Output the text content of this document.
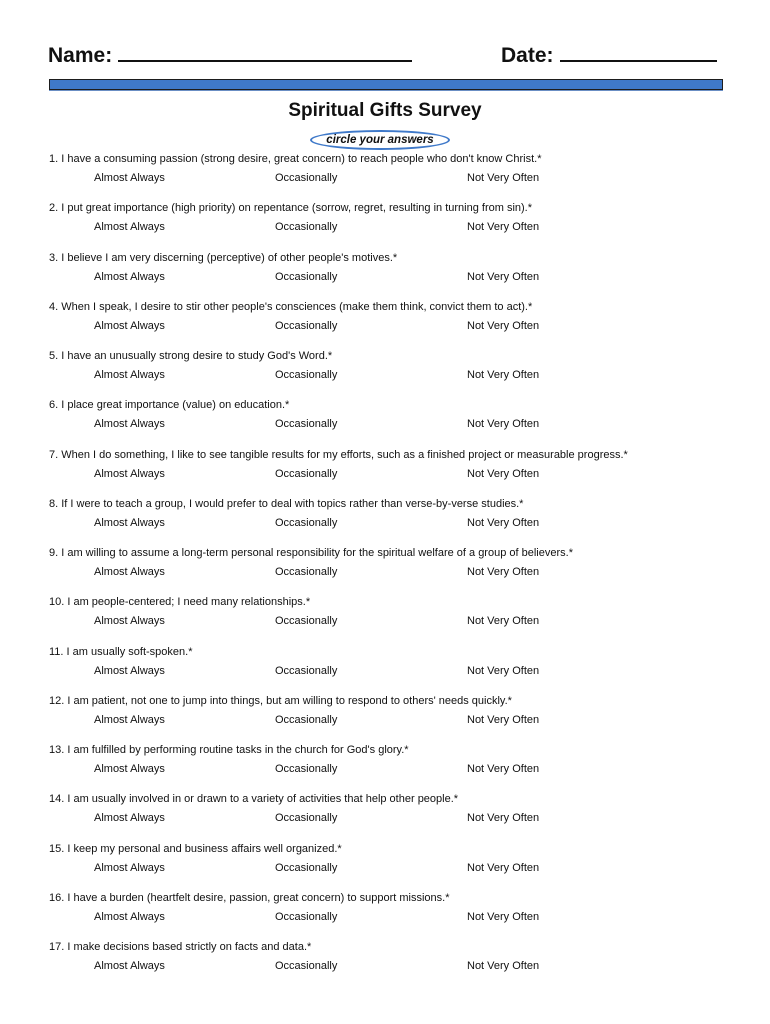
Name:	Date:
Spiritual Gifts Survey
circle your answers
1. I have a consuming passion (strong desire, great concern) to reach people who don't know Christ.*
Almost Always	Occasionally	Not Very Often
2. I put great importance (high priority) on repentance (sorrow, regret, resulting in turning from sin).*
Almost Always	Occasionally	Not Very Often
3. I believe I am very discerning (perceptive) of other people's motives.*
Almost Always	Occasionally	Not Very Often
4. When I speak, I desire to stir other people's consciences (make them think, convict them to act).*
Almost Always	Occasionally	Not Very Often
5. I have an unusually strong desire to study God's Word.*
Almost Always	Occasionally	Not Very Often
6. I place great importance (value) on education.*
Almost Always	Occasionally	Not Very Often
7. When I do something, I like to see tangible results for my efforts, such as a finished project or measurable progress.*
Almost Always	Occasionally	Not Very Often
8. If I were to teach a group, I would prefer to deal with topics rather than verse-by-verse studies.*
Almost Always	Occasionally	Not Very Often
9. I am willing to assume a long-term personal responsibility for the spiritual welfare of a group of believers.*
Almost Always	Occasionally	Not Very Often
10. I am people-centered; I need many relationships.*
Almost Always	Occasionally	Not Very Often
11. I am usually soft-spoken.*
Almost Always	Occasionally	Not Very Often
12. I am patient, not one to jump into things, but am willing to respond to others' needs quickly.*
Almost Always	Occasionally	Not Very Often
13. I am fulfilled by performing routine tasks in the church for God's glory.*
Almost Always	Occasionally	Not Very Often
14. I am usually involved in or drawn to a variety of activities that help other people.*
Almost Always	Occasionally	Not Very Often
15. I keep my personal and business affairs well organized.*
Almost Always	Occasionally	Not Very Often
16. I have a burden (heartfelt desire, passion, great concern) to support missions.*
Almost Always	Occasionally	Not Very Often
17. I make decisions based strictly on facts and data.*
Almost Always	Occasionally	Not Very Often
